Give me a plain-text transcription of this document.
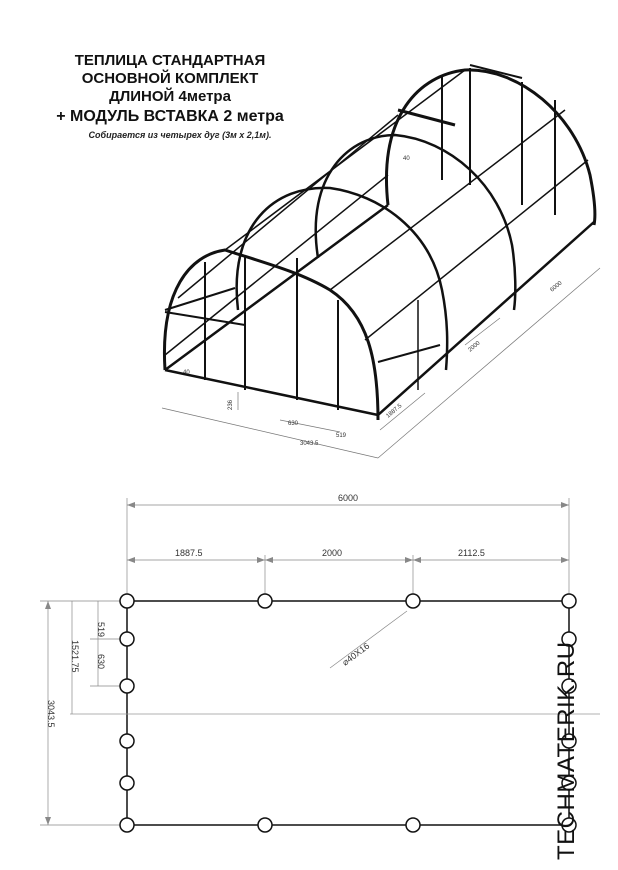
ТЕПЛИЦА СТАНДАРТНАЯ
ОСНОВНОЙ КОМПЛЕКТ
ДЛИНОЙ 4метра
+ МОДУЛЬ ВСТАВКА 2 метра
Собирается из четырех дуг (3м х 2,1м).
40
40
236
630
3043.5
519
1887.5
2000
6000
6000
1887.5	2000	2112.5
519
1521.75 630
3043.5
⌀40Х16	TECHMATERIK.RU
